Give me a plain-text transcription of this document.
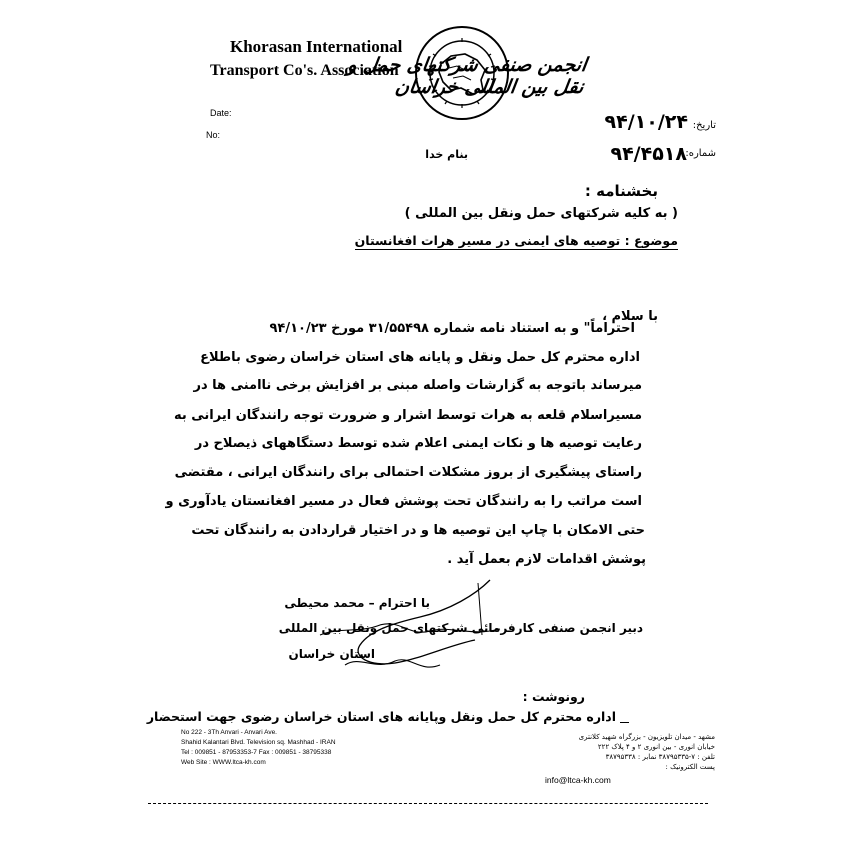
Khorasan International
Transport Co's. Association
انجمن صنفی شرکتهای حمل و نقل بین المللی خراسان
Date:
No:
تاریخ:
شماره:
۹۴/۱۰/۲۴
۹۴/۴۵۱۸
بنام خدا
بخشنامه :
( به کلیه شرکتهای حمل ونقل بین المللی )
موضوع : توصیه های ایمنی در مسیر هرات افغانستان
با سلام ،
احتراماً" و به استناد نامه شماره ۳۱/۵۵۴۹۸ مورخ ۹۴/۱۰/۲۳
اداره محترم کل حمل ونقل و پایانه های استان خراسان رضوی باطلاع
میرساند باتوجه به گزارشات واصله مبنی بر افزایش برخی ناامنی ها در
مسیراسلام قلعه به هرات توسط اشرار و ضرورت توجه رانندگان ایرانی به
رعایت توصیه ها و نکات ایمنی اعلام شده توسط دستگاههای ذیصلاح در
راستای پیشگیری از بروز مشکلات احتمالی برای رانندگان ایرانی ، مقتضی
است مراتب را به رانندگان تحت پوشش فعال در مسیر افغانستان یادآوری و
حتی الامکان با چاپ این توصیه ها و در اختیار قراردادن به رانندگان تحت
پوشش اقدامات لازم بعمل آید .
با احترام – محمد محیطی
دبیر انجمن صنفی کارفرمائی شرکتهای حمل ونقل بین المللی
استان خراسان
رونوشت :
اداره محترم کل حمل ونقل وپایانه های استان خراسان رضوی جهت استحضار
No 222 - 3Th Anvari - Anvari Ave.
Shahid Kalantari Blvd. Television sq. Mashhad - IRAN
Tel : 009851 - 87953353-7 Fax : 009851 - 38795338
Web Site : WWW.ltca-kh.com
مشهد - میدان تلویزیون - بزرگراه شهید کلانتری
خیابان انوری - بین انوری ۲ و ۴ پلاک ۲۲۲
تلفن : ۷-۳۸۷۹۵۳۳۵ نمابر : ۳۸۷۹۵۳۳۸
پست الکترونیک :
info@ltca-kh.com
